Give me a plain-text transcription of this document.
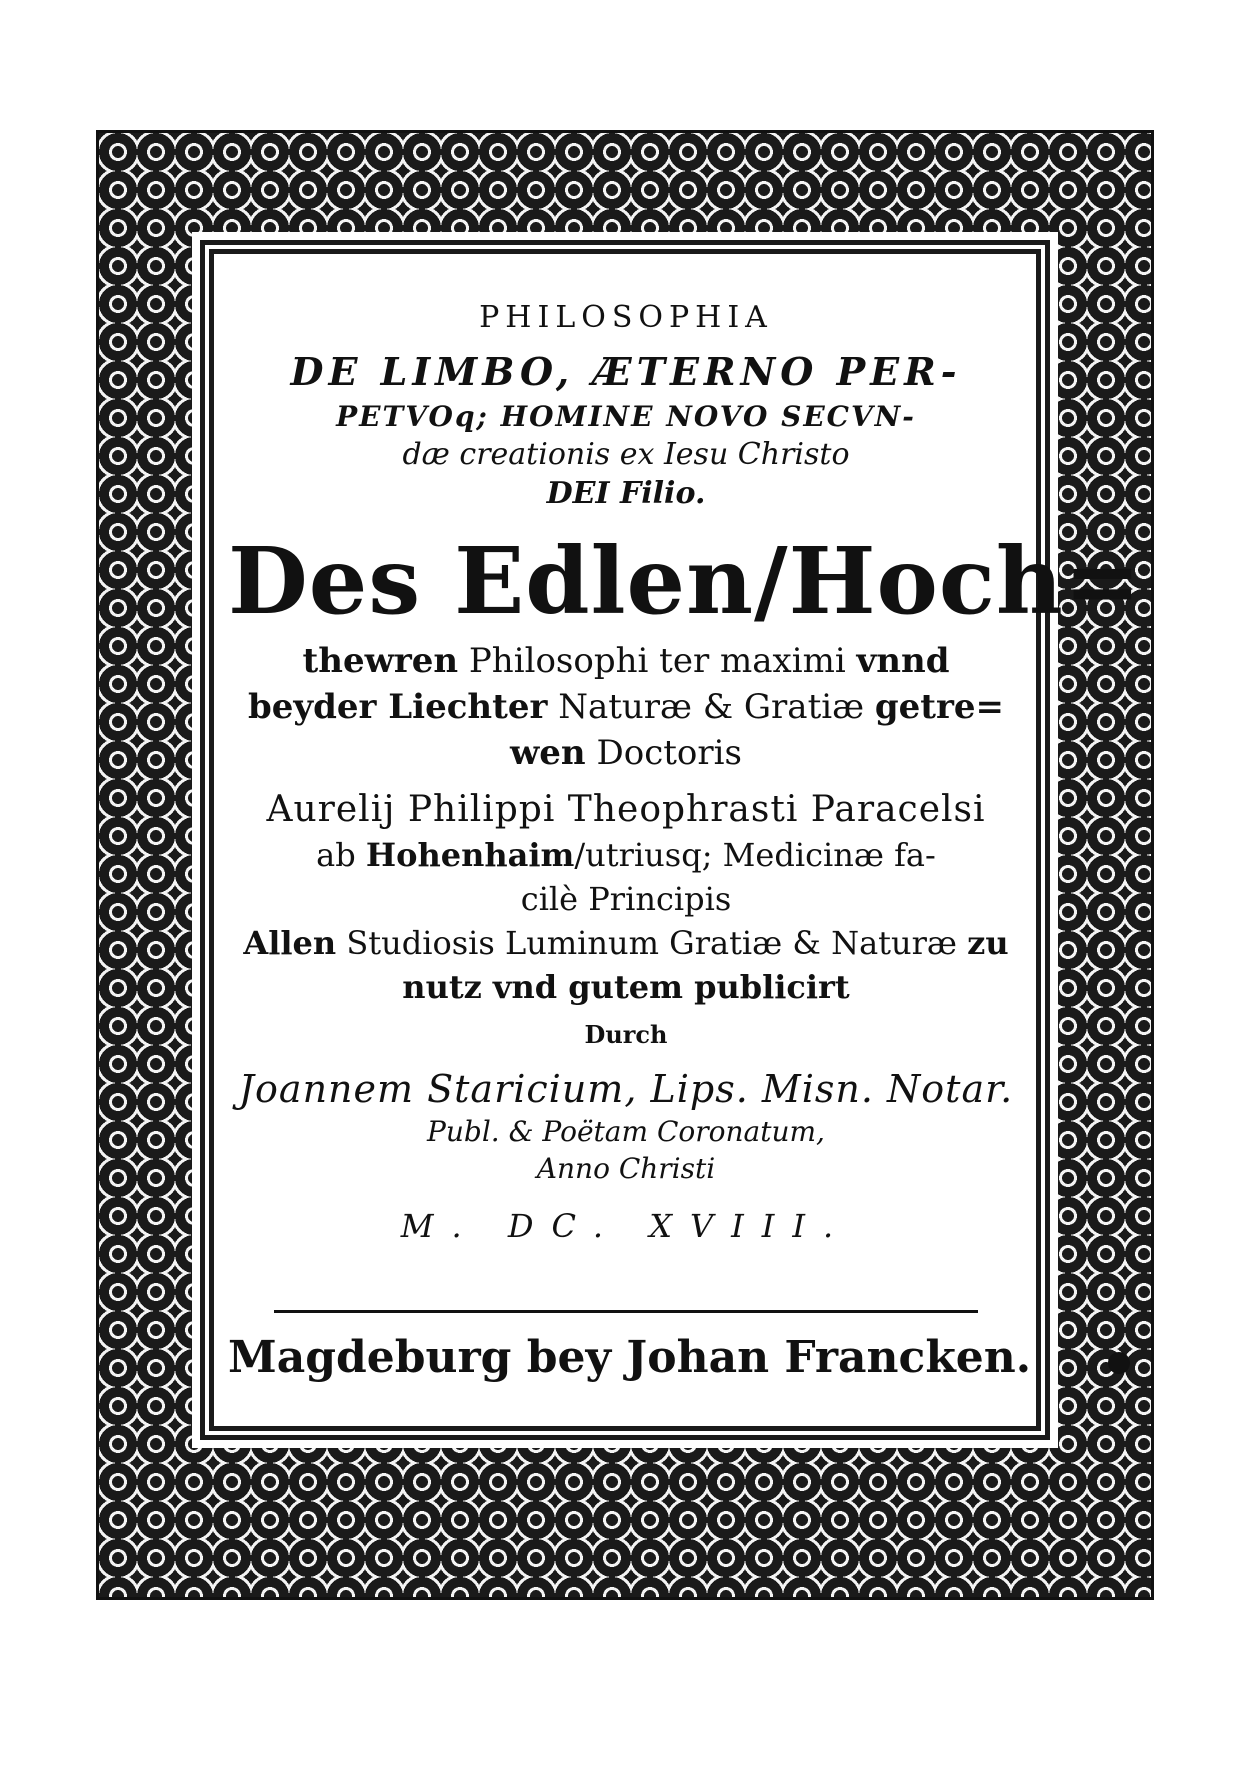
PHILOSOPHIA
DE LIMBO, ÆTERNO PER-
PETVOq; HOMINE NOVO SECVN-
dæ creationis ex Iesu Christo
DEI Filio.
Des Edlen/Hoch=
thewren Philosophi ter maximi vnnd
beyder Liechter Naturæ & Gratiæ getre=
wen Doctoris
Aurelij Philippi Theophrasti Paracelsi
ab Hohenhaim/utriusq; Medicinæ fa-
cilè Principis
Allen Studiosis Luminum Gratiæ & Naturæ zu
nutz vnd gutem publicirt
Durch
Joannem Staricium, Lips. Misn. Notar.
Publ. & Poëtam Coronatum,
Anno Christi
M. DC. XVIII.
Magdeburg bey Johan Francken.
